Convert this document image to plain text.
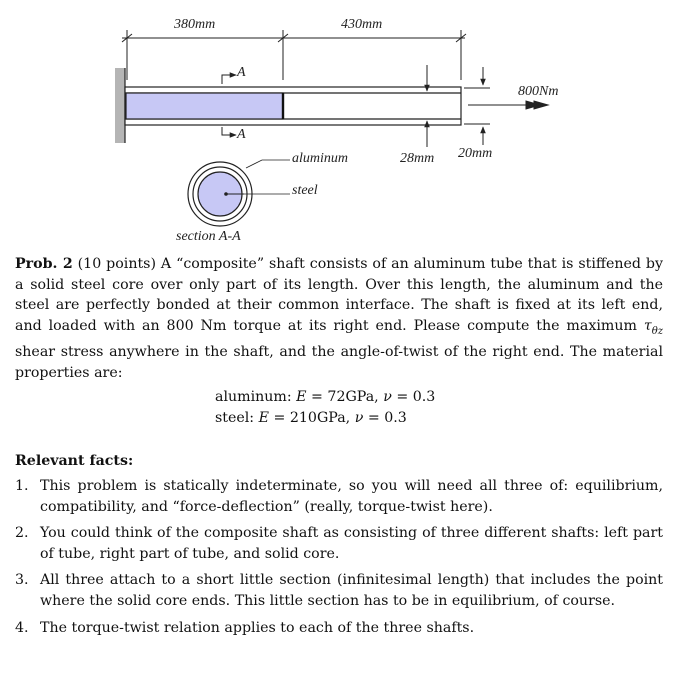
380mm	430mm
A
A
800Nm
28mm 20mm
aluminum
steel
section A-A

Prob. 2 (10 points) A “composite” shaft consists of an aluminum tube that is stiffened by a solid steel core over only part of its length. Over this length, the aluminum and the steel are perfectly bonded at their common interface. The shaft is fixed at its left end, and loaded with an 800 Nm torque at its right end. Please compute the maximum $\tau_{\theta z}$ shear stress anywhere in the shaft, and the angle-of-twist of the right end. The material properties are:

aluminum: E = 72GPa, ν = 0.3
steel: E = 210GPa, ν = 0.3
Relevant facts:
1. This problem is statically indeterminate, so you will need all three of: equilibrium, compatibility, and “force-deflection” (really, torque-twist here).
2. You could think of the composite shaft as consisting of three different shafts: left part of tube, right part of tube, and solid core.
3. All three attach to a short little section (infinitesimal length) that includes the point where the solid core ends. This little section has to be in equilibrium, of course.
4. The torque-twist relation applies to each of the three shafts.
